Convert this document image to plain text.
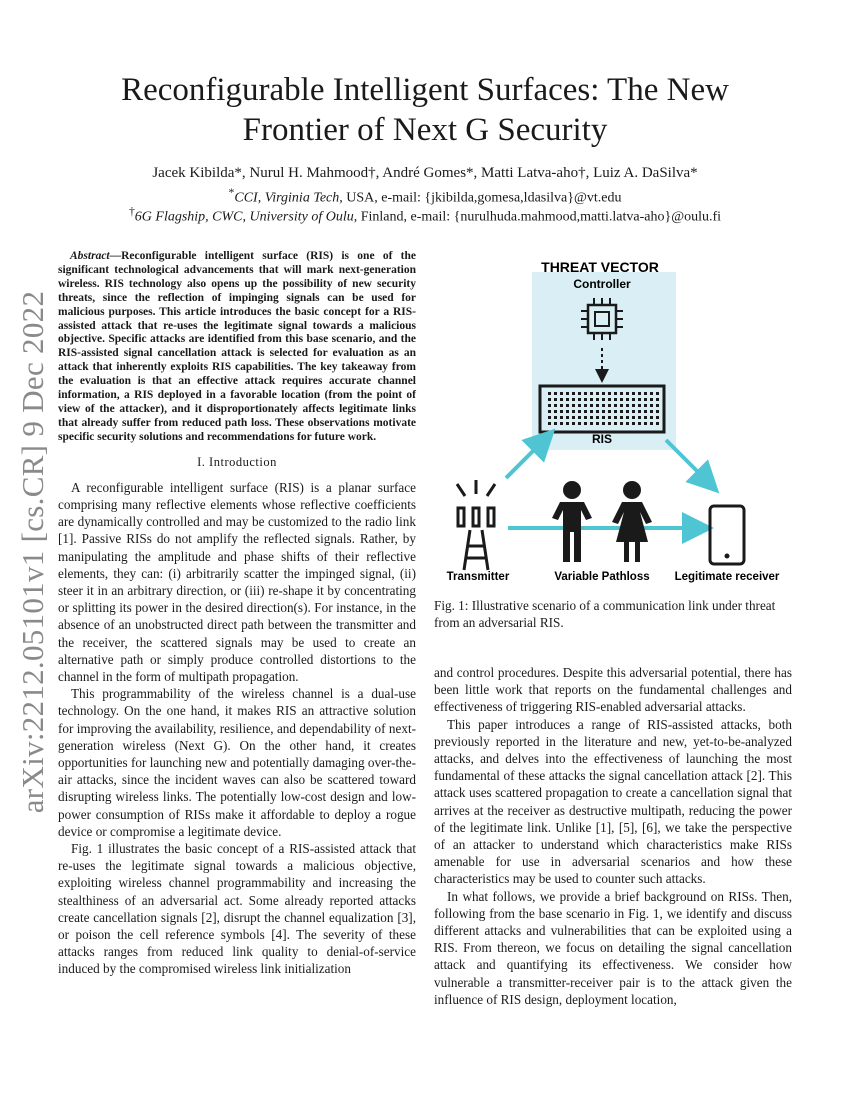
arXiv:2212.05101v1 [cs.CR] 9 Dec 2022
Reconfigurable Intelligent Surfaces: The New Frontier of Next G Security
Jacek Kibilda*, Nurul H. Mahmood†, André Gomes*, Matti Latva-aho†, Luiz A. DaSilva*
*CCI, Virginia Tech, USA, e-mail: {jkibilda,gomesa,ldasilva}@vt.edu
†6G Flagship, CWC, University of Oulu, Finland, e-mail: {nurulhuda.mahmood,matti.latva-aho}@oulu.fi

Abstract—Reconfigurable intelligent surface (RIS) is one of the significant technological advancements that will mark next-generation wireless. RIS technology also opens up the possibility of new security threats, since the reflection of impinging signals can be used for malicious purposes. This article introduces the basic concept for a RIS-assisted attack that re-uses the legitimate signal towards a malicious objective. Specific attacks are identified from this base scenario, and the RIS-assisted signal cancellation attack is selected for evaluation as an attack that inherently exploits RIS capabilities. The key takeaway from the evaluation is that an effective attack requires accurate channel information, a RIS deployed in a favorable location (from the point of view of the attacker), and it disproportionately affects legitimate links that already suffer from reduced path loss. These observations motivate specific security solutions and recommendations for future work.

I. Introduction

A reconfigurable intelligent surface (RIS) is a planar surface comprising many reflective elements whose reflective coefficients are dynamically controlled and may be customized to the radio link [1]. Passive RISs do not amplify the reflected signals. Rather, by manipulating the amplitude and phase shifts of their reflective elements, they can: (i) arbitrarily scatter the impinged signal, (ii) steer it in an arbitrary direction, or (iii) re-shape it by concentrating or splitting its power in the desired direction(s). For instance, in the absence of an unobstructed direct path between the transmitter and the receiver, the scattered signals may be used to create an alternative path or simply produce controlled distortions to the channel in the form of multipath propagation.

This programmability of the wireless channel is a dual-use technology. On the one hand, it makes RIS an attractive solution for improving the availability, resilience, and dependability of next-generation wireless (Next G). On the other hand, it creates opportunities for launching new and potentially damaging over-the-air attacks, since the incident waves can also be scattered toward disrupting wireless links. The potentially low-cost design and low-power consumption of RISs make it affordable to deploy a rogue device or compromise a legitimate device.

Fig. 1 illustrates the basic concept of a RIS-assisted attack that re-uses the legitimate signal towards a malicious objective, exploiting wireless channel programmability and increasing the stealthiness of an adversarial act. Some already reported attacks create cancellation signals [2], disrupt the channel equalization [3], or poison the cell reference symbols [4]. The severity of these attacks ranges from reduced link quality to denial-of-service induced by the compromised wireless link initialization

THREAT VECTOR
Controller
RIS
Transmitter	Variable Pathloss Legitimate receiver
Fig. 1: Illustrative scenario of a communication link under threat from an adversarial RIS.

and control procedures. Despite this adversarial potential, there has been little work that reports on the fundamental challenges and effectiveness of triggering RIS-enabled adversarial attacks.

This paper introduces a range of RIS-assisted attacks, both previously reported in the literature and new, yet-to-be-analyzed attacks, and delves into the effectiveness of launching the most fundamental of these attacks the signal cancellation attack [2]. This attack uses scattered propagation to create a cancellation signal that arrives at the receiver as destructive multipath, reducing the power of the legitimate link. Unlike [1], [5], [6], we take the perspective of an attacker to understand which characteristics make RISs amenable for use in adversarial scenarios and how these characteristics may be used to counter such attacks.

In what follows, we provide a brief background on RISs. Then, following from the base scenario in Fig. 1, we identify and discuss different attacks and vulnerabilities that can be exploited using a RIS. From thereon, we focus on detailing the signal cancellation attack and quantifying its effectiveness. We consider how vulnerable a transmitter-receiver pair is to the attack given the influence of RIS design, deployment location,
